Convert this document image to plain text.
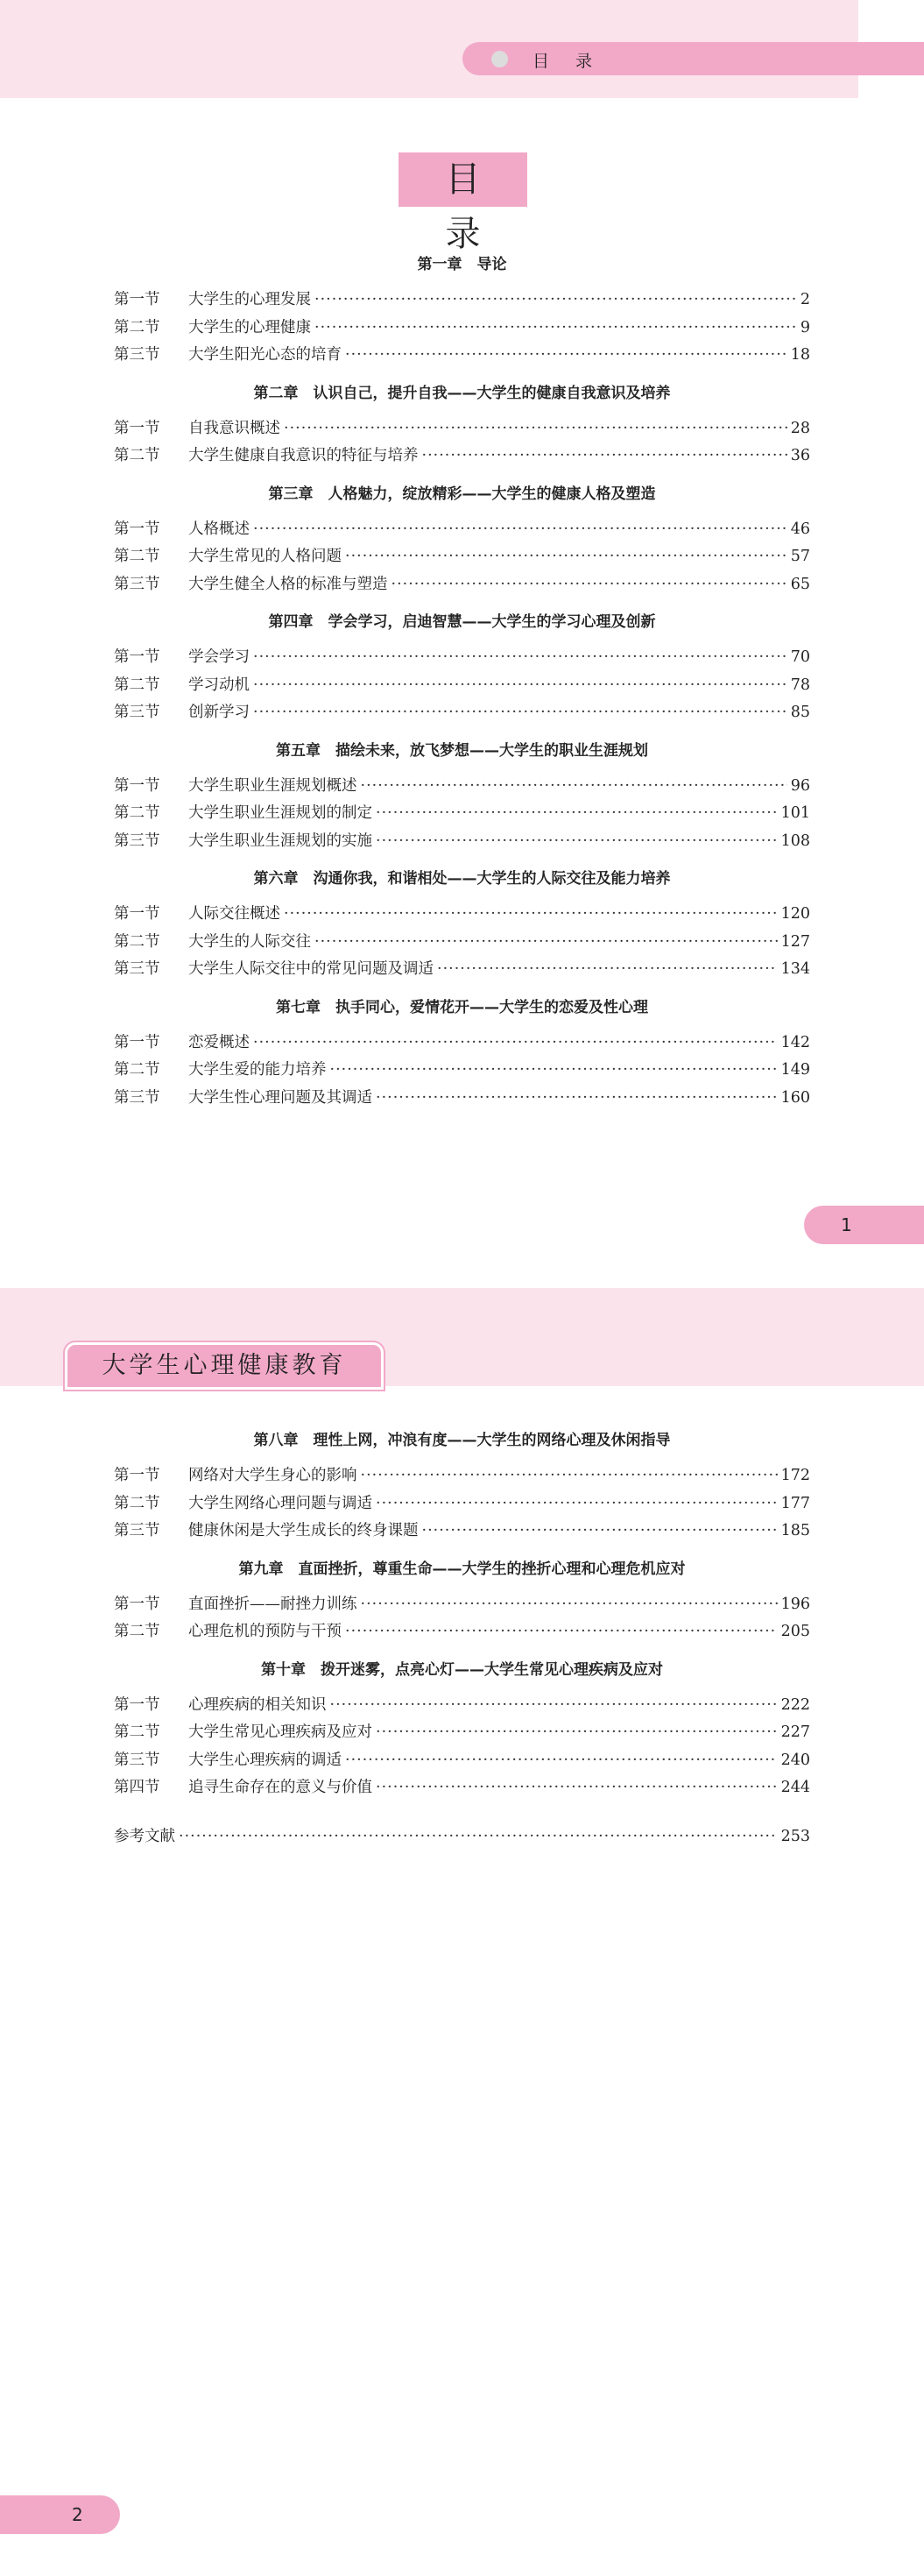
目 录
目 录
第一章　导论
第一节	大学生的心理发展 ·····	2
第二节	大学生的心理健康 ·····	9
第三节	大学生阳光心态的培育 ·····	18
第二章　认识自己，提升自我——大学生的健康自我意识及培养
第一节	自我意识概述 ·····	28
第二节	大学生健康自我意识的特征与培养 ·····	36
第三章　人格魅力，绽放精彩——大学生的健康人格及塑造
第一节	人格概述 ·····	46
第二节	大学生常见的人格问题 ·····	57
第三节	大学生健全人格的标准与塑造 ·····	65
第四章　学会学习，启迪智慧——大学生的学习心理及创新
第一节	学会学习 ·····	70
第二节	学习动机 ·····	78
第三节	创新学习 ·····	85
第五章　描绘未来，放飞梦想——大学生的职业生涯规划
第一节	大学生职业生涯规划概述 ·····	96
第二节	大学生职业生涯规划的制定 ·····	101
第三节	大学生职业生涯规划的实施 ·····	108
第六章　沟通你我，和谐相处——大学生的人际交往及能力培养
第一节	人际交往概述 ·····	120
第二节	大学生的人际交往 ·····	127
第三节	大学生人际交往中的常见问题及调适 ·····	134
第七章　执手同心，爱情花开——大学生的恋爱及性心理
第一节	恋爱概述 ·····	142
第二节	大学生爱的能力培养 ·····	149
第三节	大学生性心理问题及其调适 ·····	160
1
大学生心理健康教育
第八章　理性上网，冲浪有度——大学生的网络心理及休闲指导
第一节	网络对大学生身心的影响 ·····	172
第二节	大学生网络心理问题与调适 ·····	177
第三节	健康休闲是大学生成长的终身课题 ·····	185
第九章　直面挫折，尊重生命——大学生的挫折心理和心理危机应对
第一节	直面挫折——耐挫力训练 ·····	196
第二节	心理危机的预防与干预 ·····	205
第十章　拨开迷雾，点亮心灯——大学生常见心理疾病及应对
第一节	心理疾病的相关知识 ·····	222
第二节	大学生常见心理疾病及应对 ·····	227
第三节	大学生心理疾病的调适 ·····	240
第四节	追寻生命存在的意义与价值 ·····	244
参考文献 ·····	253
2
